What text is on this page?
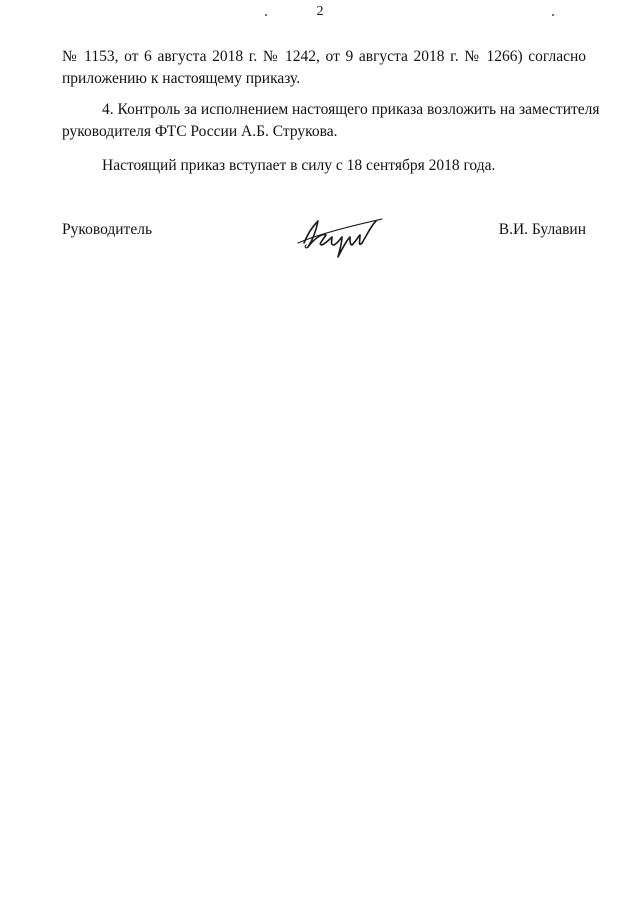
2
№ 1153, от 6 августа 2018 г. № 1242, от 9 августа 2018 г. № 1266) согласно
приложению к настоящему приказу.
4. Контроль за исполнением настоящего приказа возложить на заместителя
руководителя ФТС России А.Б. Струкова.
Настоящий приказ вступает в силу с 18 сентября 2018 года.
Руководитель	В.И. Булавин
